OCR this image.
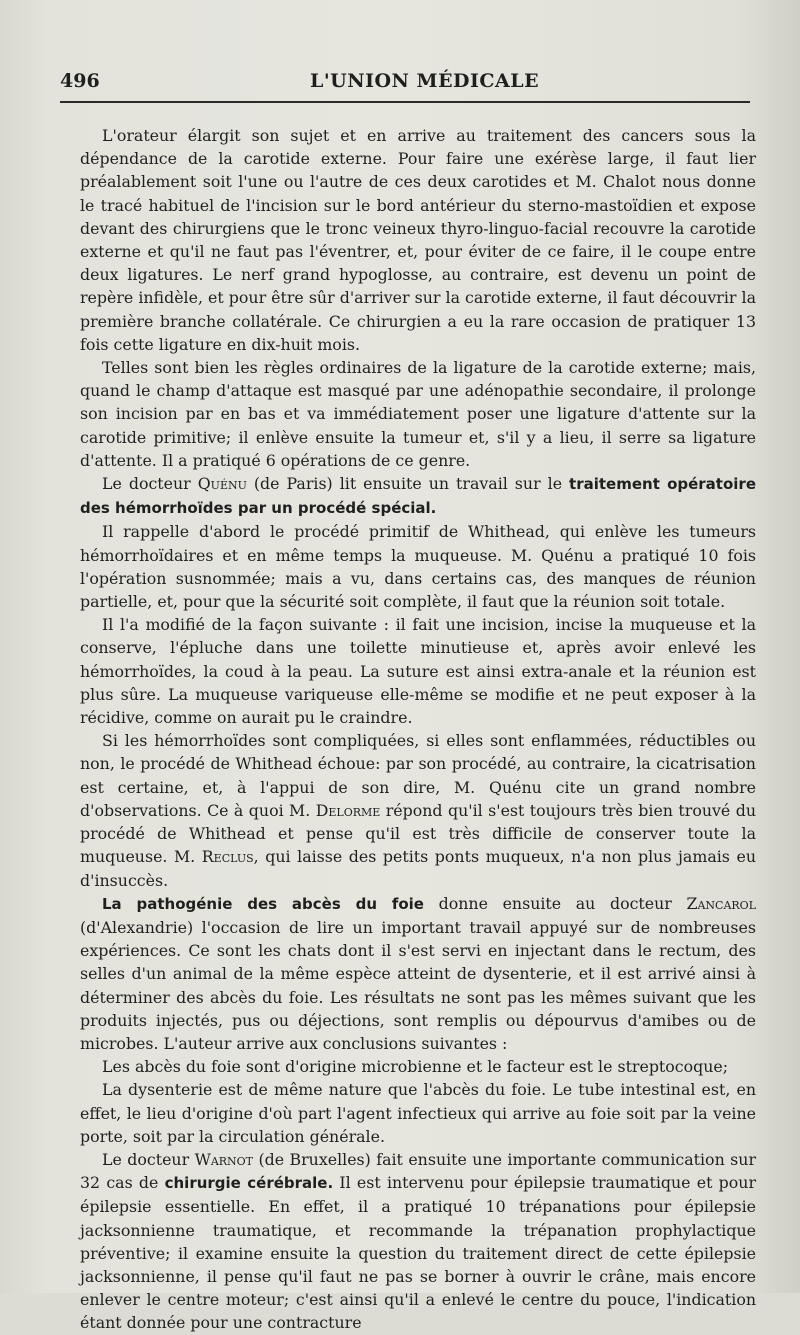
496	L'UNION MÉDICALE

L'orateur élargit son sujet et en arrive au traitement des cancers sous la dépendance de la carotide externe. Pour faire une exérèse large, il faut lier préalablement soit l'une ou l'autre de ces deux carotides et M. Chalot nous donne le tracé habituel de l'incision sur le bord antérieur du sterno-mastoïdien et expose devant des chirurgiens que le tronc veineux thyro-linguo-facial recouvre la carotide externe et qu'il ne faut pas l'éventrer, et, pour éviter de ce faire, il le coupe entre deux ligatures. Le nerf grand hypoglosse, au contraire, est devenu un point de repère infidèle, et pour être sûr d'arriver sur la carotide externe, il faut découvrir la première branche collatérale. Ce chirurgien a eu la rare occasion de pratiquer 13 fois cette ligature en dix-huit mois.

Telles sont bien les règles ordinaires de la ligature de la carotide externe; mais, quand le champ d'attaque est masqué par une adénopathie secondaire, il prolonge son incision par en bas et va immédiatement poser une ligature d'attente sur la carotide primitive; il enlève ensuite la tumeur et, s'il y a lieu, il serre sa ligature d'attente. Il a pratiqué 6 opérations de ce genre.

Le docteur Quénu (de Paris) lit ensuite un travail sur le traitement opératoire des hémorrhoïdes par un procédé spécial.

Il rappelle d'abord le procédé primitif de Whithead, qui enlève les tumeurs hémorrhoïdaires et en même temps la muqueuse. M. Quénu a pratiqué 10 fois l'opération susnommée; mais a vu, dans certains cas, des manques de réunion partielle, et, pour que la sécurité soit complète, il faut que la réunion soit totale.

Il l'a modifié de la façon suivante : il fait une incision, incise la muqueuse et la conserve, l'épluche dans une toilette minutieuse et, après avoir enlevé les hémorrhoïdes, la coud à la peau. La suture est ainsi extra-anale et la réunion est plus sûre. La muqueuse variqueuse elle-même se modifie et ne peut exposer à la récidive, comme on aurait pu le craindre.

Si les hémorrhoïdes sont compliquées, si elles sont enflammées, réductibles ou non, le procédé de Whithead échoue: par son procédé, au contraire, la cicatrisation est certaine, et, à l'appui de son dire, M. Quénu cite un grand nombre d'observations. Ce à quoi M. Delorme répond qu'il s'est toujours très bien trouvé du procédé de Whithead et pense qu'il est très difficile de conserver toute la muqueuse. M. Reclus, qui laisse des petits ponts muqueux, n'a non plus jamais eu d'insuccès.

La pathogénie des abcès du foie donne ensuite au docteur Zancarol (d'Alexandrie) l'occasion de lire un important travail appuyé sur de nombreuses expériences. Ce sont les chats dont il s'est servi en injectant dans le rectum, des selles d'un animal de la même espèce atteint de dysenterie, et il est arrivé ainsi à déterminer des abcès du foie. Les résultats ne sont pas les mêmes suivant que les produits injectés, pus ou déjections, sont remplis ou dépourvus d'amibes ou de microbes. L'auteur arrive aux conclusions suivantes :

Les abcès du foie sont d'origine microbienne et le facteur est le streptocoque;

La dysenterie est de même nature que l'abcès du foie. Le tube intestinal est, en effet, le lieu d'origine d'où part l'agent infectieux qui arrive au foie soit par la veine porte, soit par la circulation générale.

Le docteur Warnot (de Bruxelles) fait ensuite une importante communication sur 32 cas de chirurgie cérébrale. Il est intervenu pour épilepsie traumatique et pour épilepsie essentielle. En effet, il a pratiqué 10 trépanations pour épilepsie jacksonnienne traumatique, et recommande la trépanation prophylactique préventive; il examine ensuite la question du traitement direct de cette épilepsie jacksonnienne, il pense qu'il faut ne pas se borner à ouvrir le crâne, mais encore enlever le centre moteur; c'est ainsi qu'il a enlevé le centre du pouce, l'indication étant donnée pour une contracture
